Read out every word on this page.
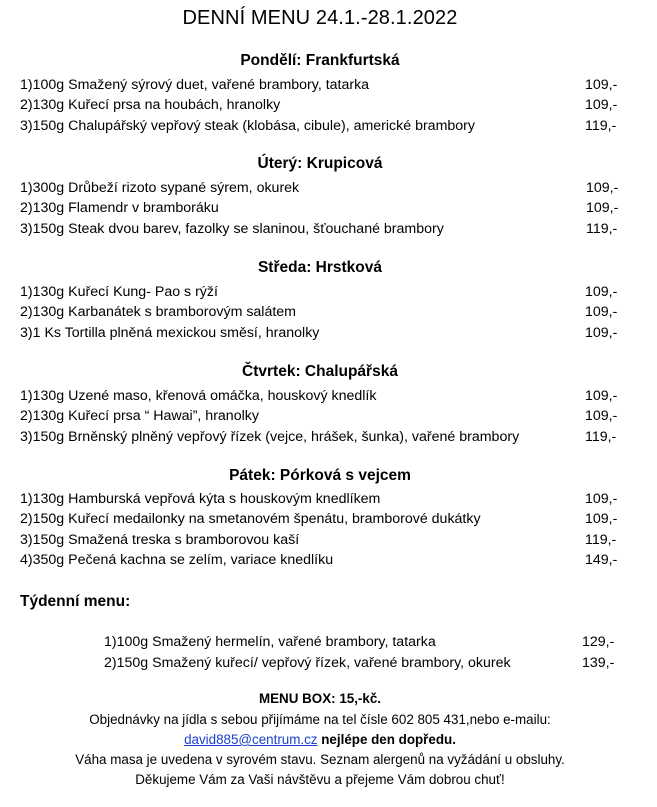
DENNÍ MENU 24.1.-28.1.2022
Pondělí: Frankfurtská
1)100g Smažený sýrový duet, vařené brambory, tatarka	109,-
2)130g Kuřecí prsa na houbách, hranolky	109,-
3)150g Chalupářský vepřový steak (klobása, cibule), americké brambory	119,-
Úterý: Krupicová
1)300g Drůbeží rizoto sypané sýrem, okurek	109,-
2)130g Flamendr v bramboráku	109,-
3)150g Steak dvou barev, fazolky se slaninou, šťouchané brambory	119,-
Středa: Hrstková
1)130g Kuřecí Kung- Pao s rýží	109,-
2)130g Karbanátek s bramborovým salátem	109,-
3)1 Ks Tortilla plněná mexickou směsí, hranolky	109,-
Čtvrtek: Chalupářská
1)130g Uzené maso, křenová omáčka, houskový knedlík	109,-
2)130g Kuřecí prsa “ Hawai”, hranolky	109,-
3)150g Brněnský plněný vepřový řízek (vejce, hrášek, šunka), vařené brambory	119,-
Pátek: Pórková s vejcem
1)130g Hamburská vepřová kýta s houskovým knedlíkem	109,-
2)150g Kuřecí medailonky na smetanovém špenátu, bramborové dukátky	109,-
3)150g Smažená treska s bramborovou kaší	119,-
4)350g Pečená kachna se zelím, variace knedlíku	149,-
Týdenní menu:
1)100g Smažený hermelín, vařené brambory, tatarka	129,-
2)150g Smažený kuřecí/ vepřový řízek, vařené brambory, okurek	139,-
MENU BOX: 15,-kč.
Objednávky na jídla s sebou přijímáme na tel čísle 602 805 431,nebo e-mailu:
david885@centrum.cz nejlépe den dopředu.
Váha masa je uvedena v syrovém stavu. Seznam alergenů na vyžádání u obsluhy.
Děkujeme Vám za Vaši návštěvu a přejeme Vám dobrou chuť!
